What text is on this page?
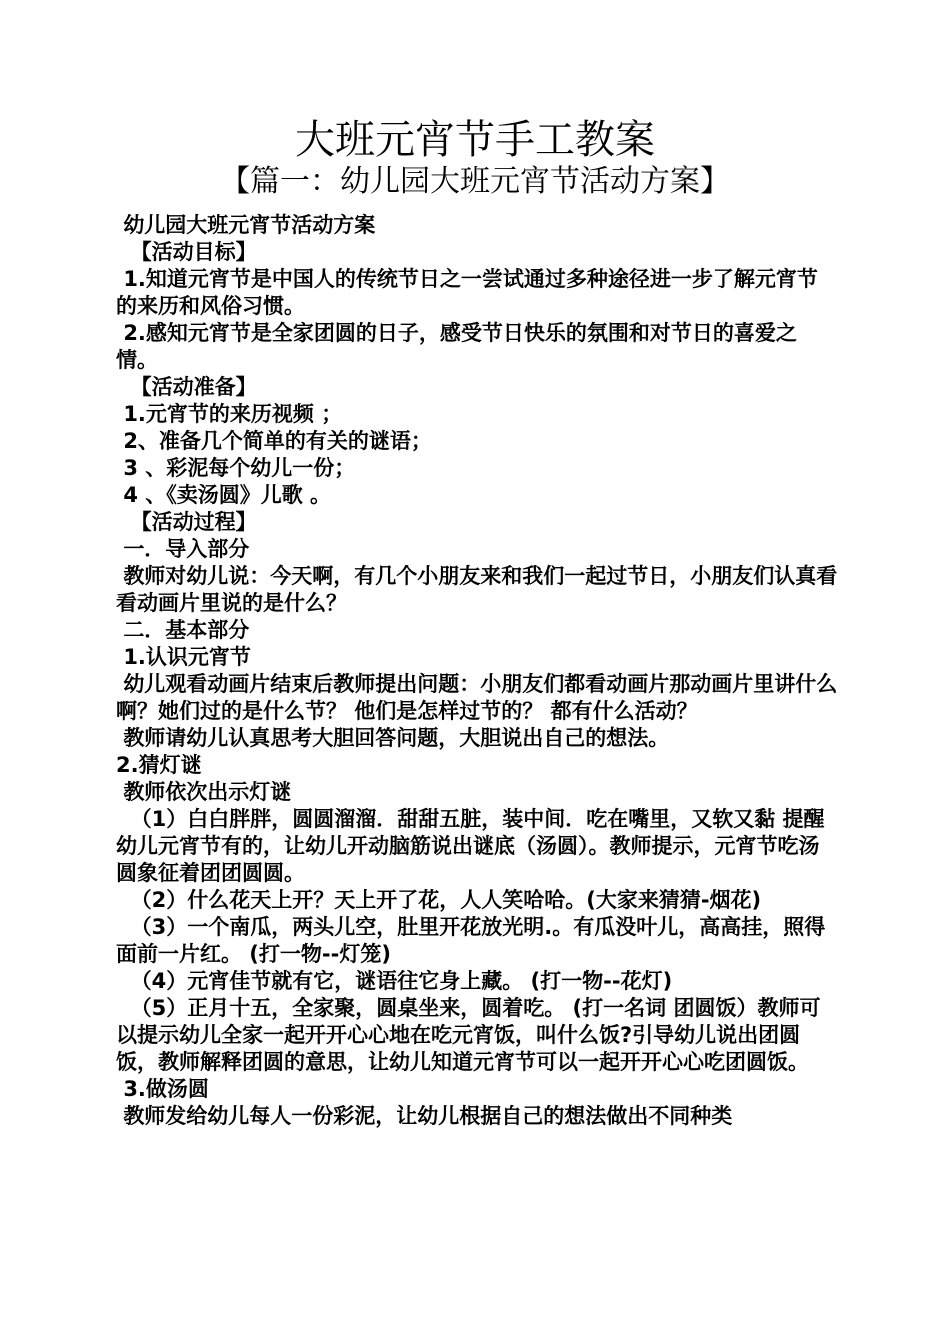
大班元宵节手工教案
【篇一：幼儿园大班元宵节活动方案】

幼儿园大班元宵节活动方案

【活动目标】

1.知道元宵节是中国人的传统节日之一尝试通过多种途径进一步了解元宵节的来历和风俗习惯。

2.感知元宵节是全家团圆的日子，感受节日快乐的氛围和对节日的喜爱之情。

【活动准备】

1.元宵节的来历视频 ；

2、准备几个简单的有关的谜语；

3 、彩泥每个幼儿一份；

4 、《卖汤圆》儿歌 。

【活动过程】

一．导入部分

教师对幼儿说：今天啊，有几个小朋友来和我们一起过节日，小朋友们认真看看动画片里说的是什么？

二．基本部分

1.认识元宵节

幼儿观看动画片结束后教师提出问题：小朋友们都看动画片那动画片里讲什么啊？她们过的是什么节？ 他们是怎样过节的？ 都有什么活动？

教师请幼儿认真思考大胆回答问题，大胆说出自己的想法。

2.猜灯谜

教师依次出示灯谜

（1）白白胖胖，圆圆溜溜．甜甜五脏，装中间．吃在嘴里，又软又黏 提醒幼儿元宵节有的，让幼儿开动脑筋说出谜底（汤圆）。教师提示，元宵节吃汤圆象征着团团圆圆。

（2）什么花天上开？天上开了花，人人笑哈哈。(大家来猜猜-烟花)

（3）一个南瓜，两头儿空，肚里开花放光明.。有瓜没叶儿，高高挂，照得面前一片红。 (打一物--灯笼)

（4）元宵佳节就有它，谜语往它身上藏。 (打一物--花灯)

（5）正月十五，全家聚，圆桌坐来，圆着吃。 (打一名词 团圆饭）教师可以提示幼儿全家一起开开心心地在吃元宵饭，叫什么饭?引导幼儿说出团圆饭，教师解释团圆的意思，让幼儿知道元宵节可以一起开开心心吃团圆饭。

3.做汤圆

教师发给幼儿每人一份彩泥，让幼儿根据自己的想法做出不同种类
